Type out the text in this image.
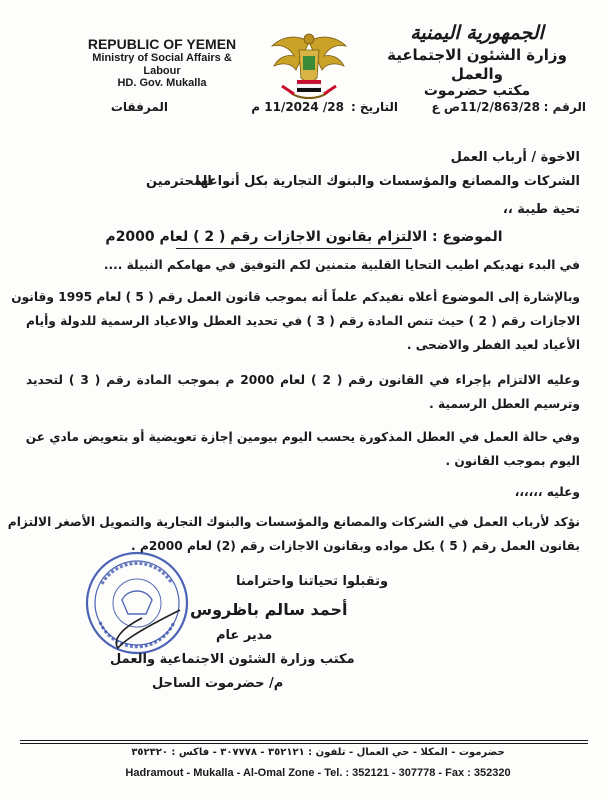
REPUBLIC OF YEMEN
Ministry of Social Affairs & Labour
HD. Gov. Mukalla
الجمهورية اليمنية
وزارة الشئون الاجتماعية والعمل
مكتب حضرموت
الرقم :
11/2/863/28ص ع
التاريخ :
28/ 11/2024 م
المرفقات
الاخوة / أرباب العمل
الشركات والمصانع والمؤسسات والبنوك التجارية بكل أنواعها
المحترمين
تحية طيبة ،،
الموضوع : الالتزام بقانون الاجازات رقم ( 2 ) لعام 2000م
في البدء نهديكم اطيب التحايا القلبية متمنين لكم التوفيق في مهامكم النبيلة ....
وبالإشارة إلى الموضوع أعلاه نفيدكم علماً أنه بموجب قانون العمل رقم ( 5 ) لعام 1995 وقانون
الاجازات رقم ( 2 ) حيث تنص المادة رقم ( 3 ) في تحديد العطل والاعياد الرسمية للدولة وأيام
الأعياد لعيد الفطر والاضحى .
وعليه الالتزام بإجراء في القانون رقم ( 2 ) لعام 2000 م بموجب المادة رقم ( 3 ) لتحديد
وترسيم العطل الرسمية .
وفي حالة العمل في العطل المذكورة يحسب اليوم بيومين إجازة تعويضية أو بتعويض مادي عن
اليوم بموجب القانون .
وعليه ،،،،،،
نؤكد لأرباب العمل في الشركات والمصانع والمؤسسات والبنوك التجارية والتمويل الأصغر الالتزام
بقانون العمل رقم ( 5 ) بكل مواده وبقانون الاجازات رقم (2) لعام 2000م .
وتقبلوا تحياتنا واحترامنا
أحمد سالم باظروس
مدير عام
مكتب وزارة الشئون الاجتماعية والعمل
م/ حضرموت الساحل
حضرموت - المكلا - حي العمال - تلفون : ٣٥٢١٢١ - ٣٠٧٧٧٨ - فاكس : ٣٥٢٣٢٠
Hadramout - Mukalla - Al-Omal Zone - Tel. : 352121 - 307778 - Fax : 352320
